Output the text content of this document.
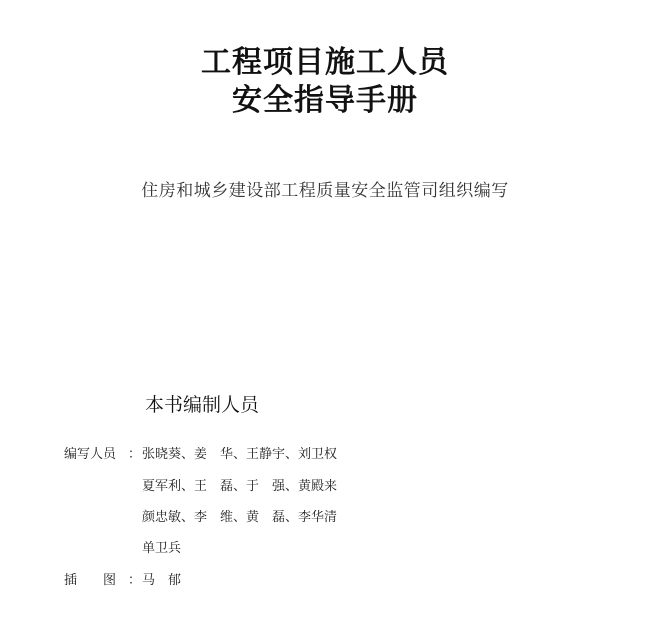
工程项目施工人员
安全指导手册
住房和城乡建设部工程质量安全监管司组织编写
本书编制人员
编写人员 ： 张晓葵、姜　华、王静宇、刘卫权
夏军利、王　磊、于　强、黄殿来
颜忠敏、李　维、黄　磊、李华清
单卫兵
插　　图 ： 马　郁
